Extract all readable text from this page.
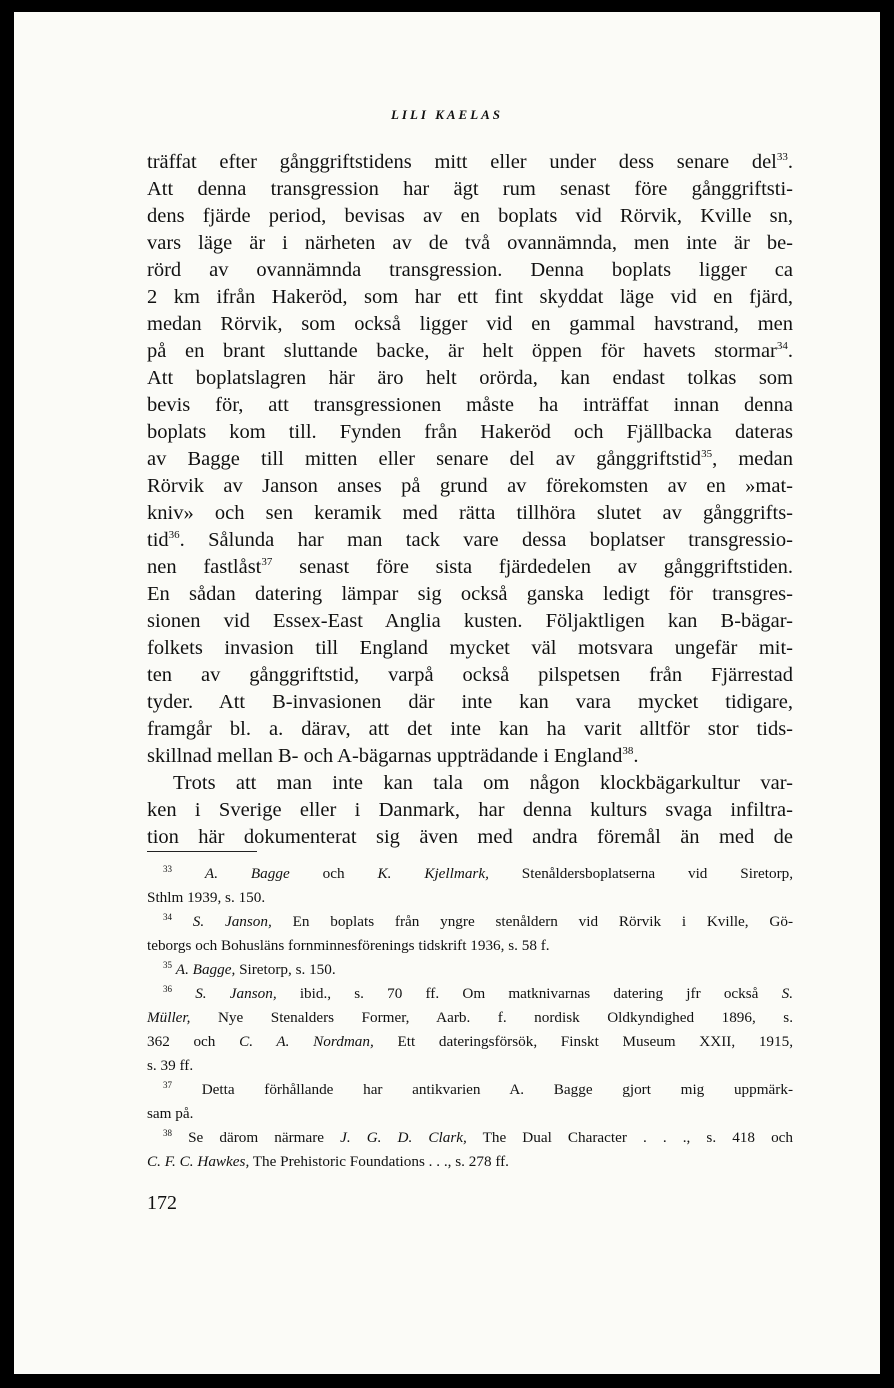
LILI KAELAS
träffat efter gånggriftstidens mitt eller under dess senare del$^{33}$.
Att denna transgression har ägt rum senast före gånggriftsti-
dens fjärde period, bevisas av en boplats vid Rörvik, Kville sn,
vars läge är i närheten av de två ovannämnda, men inte är be-
rörd av ovannämnda transgression. Denna boplats ligger ca
2 km ifrån Hakeröd, som har ett fint skyddat läge vid en fjärd,
medan Rörvik, som också ligger vid en gammal havstrand, men
på en brant sluttande backe, är helt öppen för havets stormar$^{34}$.
Att boplatslagren här äro helt orörda, kan endast tolkas som
bevis för, att transgressionen måste ha inträffat innan denna
boplats kom till. Fynden från Hakeröd och Fjällbacka dateras
av Bagge till mitten eller senare del av gånggriftstid$^{35}$, medan
Rörvik av Janson anses på grund av förekomsten av en »mat-
kniv» och sen keramik med rätta tillhöra slutet av gånggrifts-
tid$^{36}$. Sålunda har man tack vare dessa boplatser transgressio-
nen fastlåst$^{37}$ senast före sista fjärdedelen av gånggriftstiden.
En sådan datering lämpar sig också ganska ledigt för transgres-
sionen vid Essex-East Anglia kusten. Följaktligen kan B-bägar-
folkets invasion till England mycket väl motsvara ungefär mit-
ten av gånggriftstid, varpå också pilspetsen från Fjärrestad
tyder. Att B-invasionen där inte kan vara mycket tidigare,
framgår bl. a. därav, att det inte kan ha varit alltför stor tids-
skillnad mellan B- och A-bägarnas uppträdande i England$^{38}$.
Trots att man inte kan tala om någon klockbägarkultur var-
ken i Sverige eller i Danmark, har denna kulturs svaga infiltra-
tion här dokumenterat sig även med andra föremål än med de
$^{33}$ A. Bagge och K. Kjellmark, Stenåldersboplatserna vid Siretorp,
Sthlm 1939, s. 150.
$^{34}$ S. Janson, En boplats från yngre stenåldern vid Rörvik i Kville, Gö-
teborgs och Bohusläns fornminnesförenings tidskrift 1936, s. 58 f.
$^{35}$ A. Bagge, Siretorp, s. 150.
$^{36}$ S. Janson, ibid., s. 70 ff. Om matknivarnas datering jfr också S.
Müller, Nye Stenalders Former, Aarb. f. nordisk Oldkyndighed 1896, s.
362 och C. A. Nordman, Ett dateringsförsök, Finskt Museum XXII, 1915,
s. 39 ff.
$^{37}$ Detta förhållande har antikvarien A. Bagge gjort mig uppmärk-
sam på.
$^{38}$ Se därom närmare J. G. D. Clark, The Dual Character . . ., s. 418 och
C. F. C. Hawkes, The Prehistoric Foundations . . ., s. 278 ff.
172
